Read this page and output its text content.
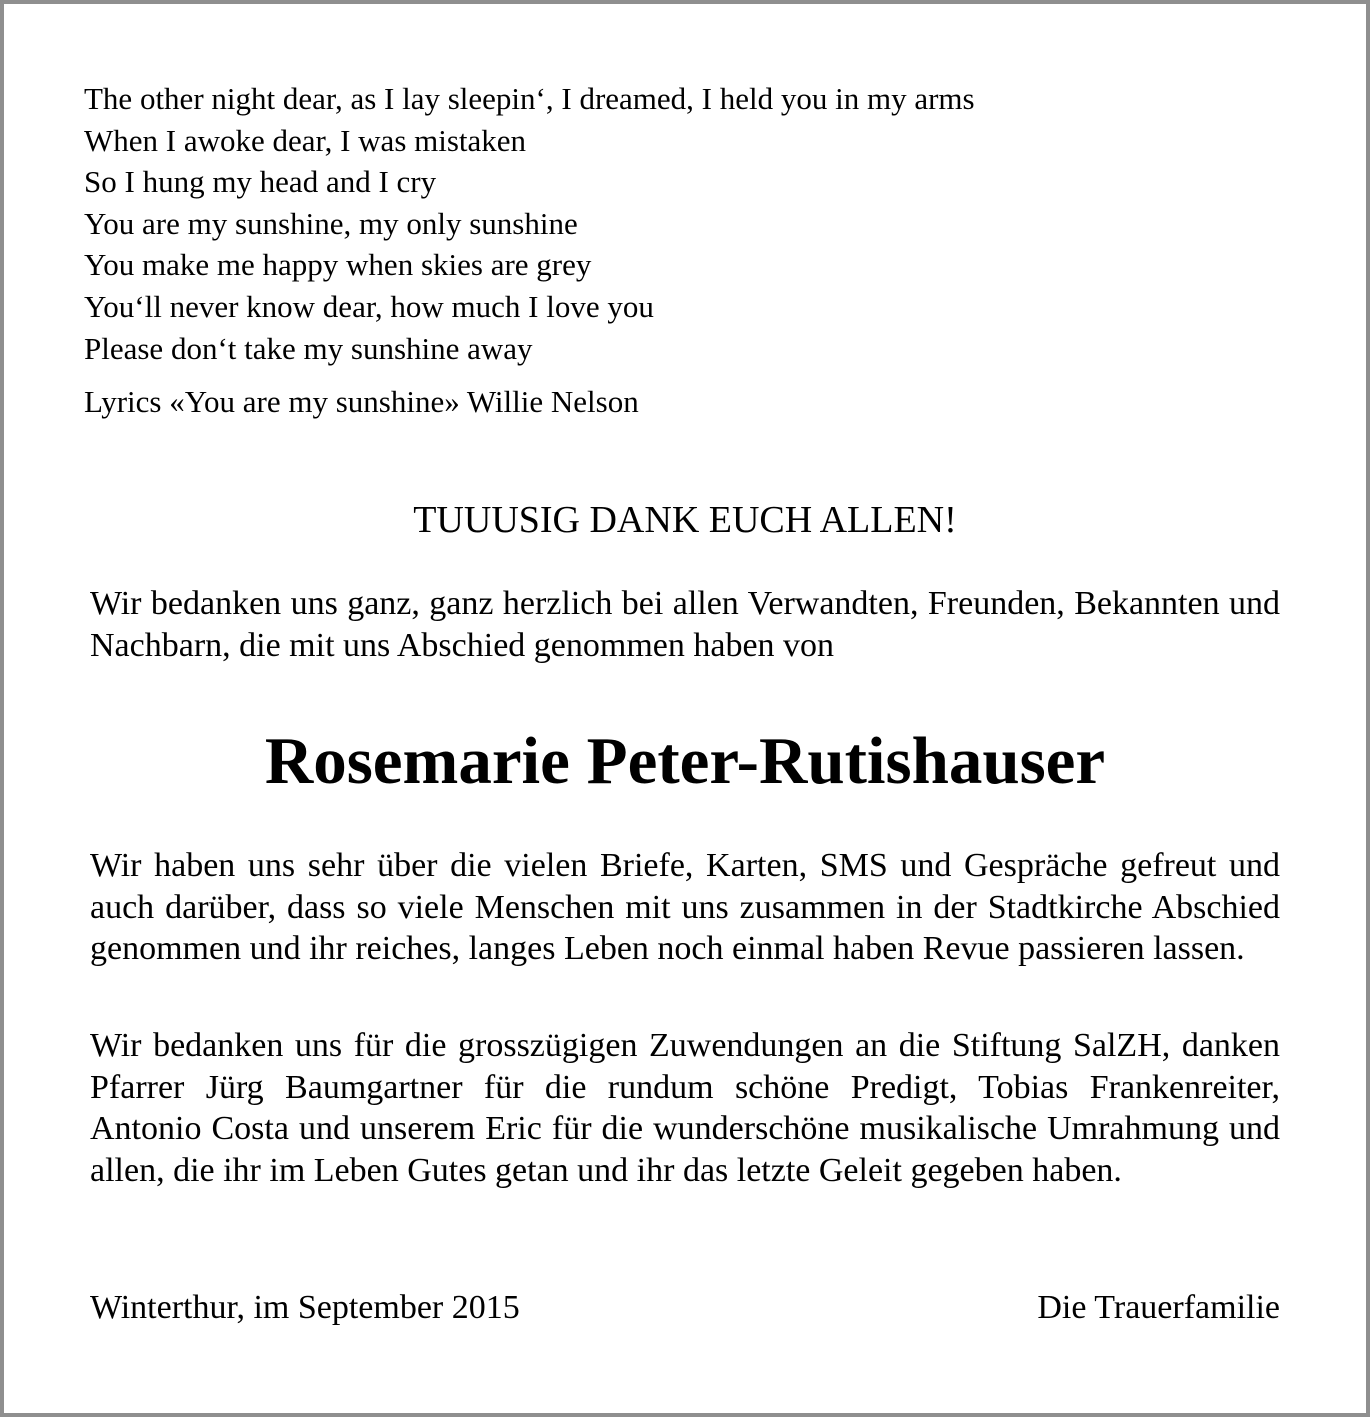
The other night dear, as I lay sleepin‘, I dreamed, I held you in my arms
When I awoke dear, I was mistaken
So I hung my head and I cry
You are my sunshine, my only sunshine
You make me happy when skies are grey
You‘ll never know dear, how much I love you
Please don‘t take my sunshine away
Lyrics «You are my sunshine» Willie Nelson
TUUUSIG DANK EUCH ALLEN!
Wir bedanken uns ganz, ganz herzlich bei allen Verwandten, Freunden, Bekannten und Nachbarn, die mit uns Abschied genommen haben von
Rosemarie Peter-Rutishauser
Wir haben uns sehr über die vielen Briefe, Karten, SMS und Gespräche gefreut und auch darüber, dass so viele Menschen mit uns zusammen in der Stadtkirche Abschied genommen und ihr reiches, langes Leben noch einmal haben Revue passieren lassen.
Wir bedanken uns für die grosszügigen Zuwendungen an die Stiftung SalZH, danken Pfarrer Jürg Baumgartner für die rundum schöne Predigt, Tobias Frankenreiter, Antonio Costa und unserem Eric für die wunderschöne musikalische Umrahmung und allen, die ihr im Leben Gutes getan und ihr das letzte Geleit gegeben haben.
Winterthur, im September 2015	Die Trauerfamilie
